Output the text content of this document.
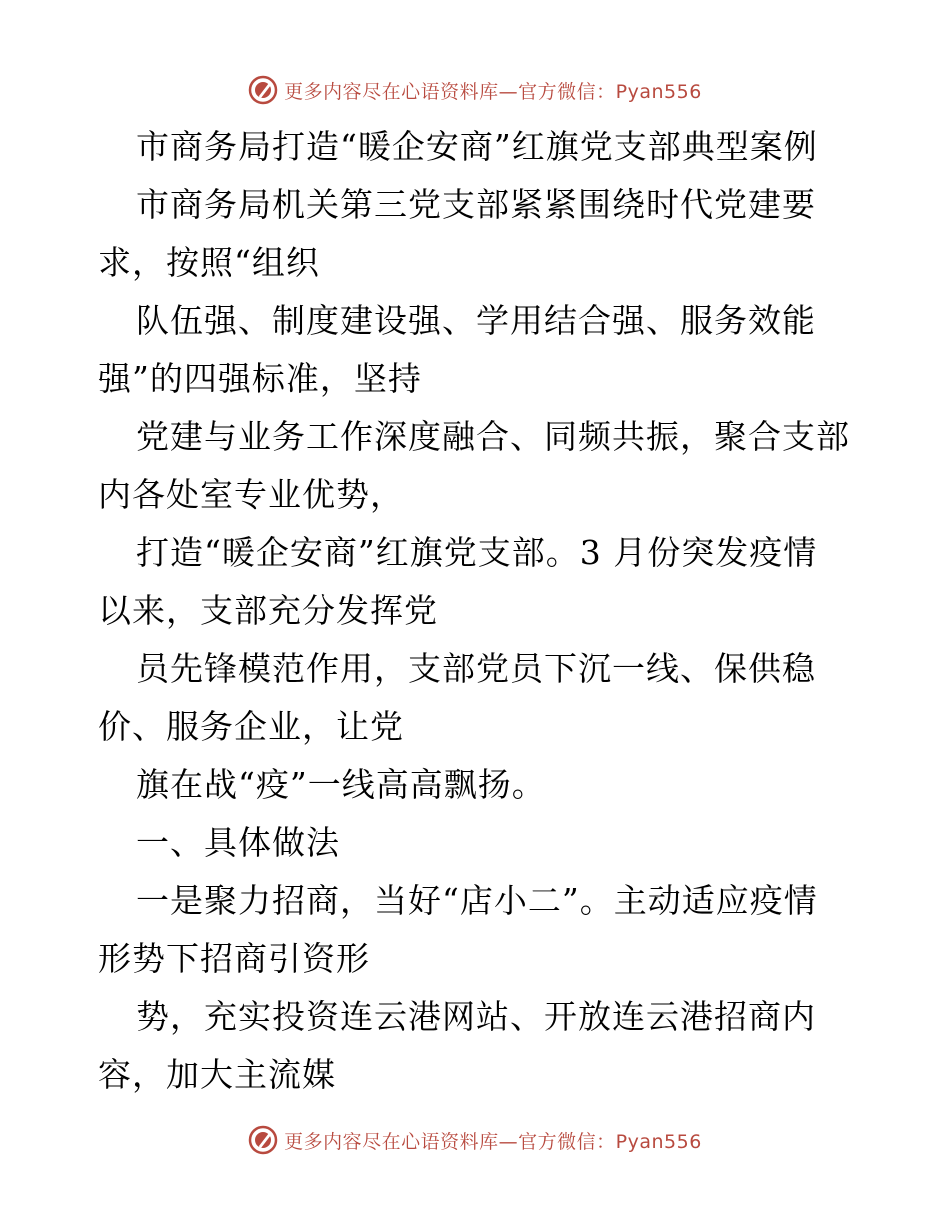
更多内容尽在心语资料库—官方微信：Pyan556
市商务局打造“暖企安商”红旗党支部典型案例
市商务局机关第三党支部紧紧围绕时代党建要
求，按照“组织
队伍强、制度建设强、学用结合强、服务效能
强”的四强标准，坚持
党建与业务工作深度融合、同频共振，聚合支部
内各处室专业优势，
打造“暖企安商”红旗党支部。3 月份突发疫情
以来，支部充分发挥党
员先锋模范作用，支部党员下沉一线、保供稳
价、服务企业，让党
旗在战“疫”一线高高飘扬。
一、具体做法
一是聚力招商，当好“店小二”。主动适应疫情
形势下招商引资形
势，充实投资连云港网站、开放连云港招商内
容，加大主流媒
更多内容尽在心语资料库—官方微信：Pyan556
